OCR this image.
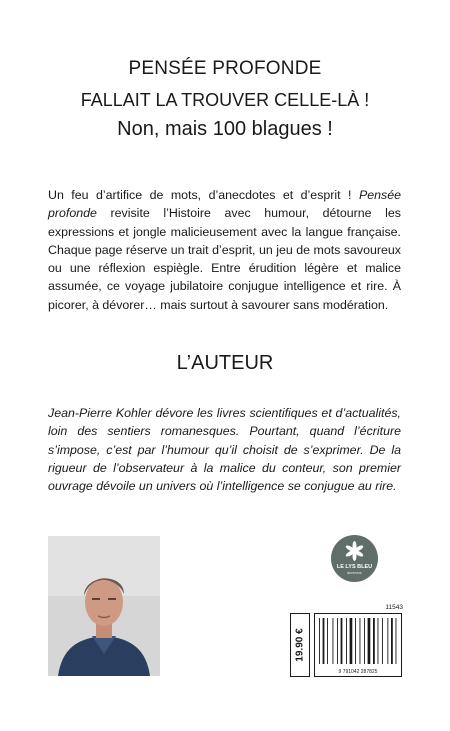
PENSÉE PROFONDE
FALLAIT LA TROUVER CELLE-LÀ !
Non, mais 100 blagues !
Un feu d’artifice de mots, d’anecdotes et d’esprit ! Pensée profonde revisite l’Histoire avec humour, détourne les expressions et jongle malicieusement avec la langue française. Chaque page réserve un trait d’esprit, un jeu de mots savoureux ou une réflexion espiègle. Entre érudition légère et malice assumée, ce voyage jubilatoire conjugue intelligence et rire. À picorer, à dévorer… mais surtout à savourer sans modération.
L’AUTEUR
Jean-Pierre Kohler dévore les livres scientifiques et d’actualités, loin des sentiers romanesques. Pourtant, quand l’écriture s’impose, c’est par l’humour qu’il choisit de s’exprimer. De la rigueur de l’observateur à la malice du conteur, son premier ouvrage dévoile un univers où l’intelligence se conjugue au rire.
LE LYS BLEU
ÉDITIONS
11543
19.90 €
9 791042 287825
